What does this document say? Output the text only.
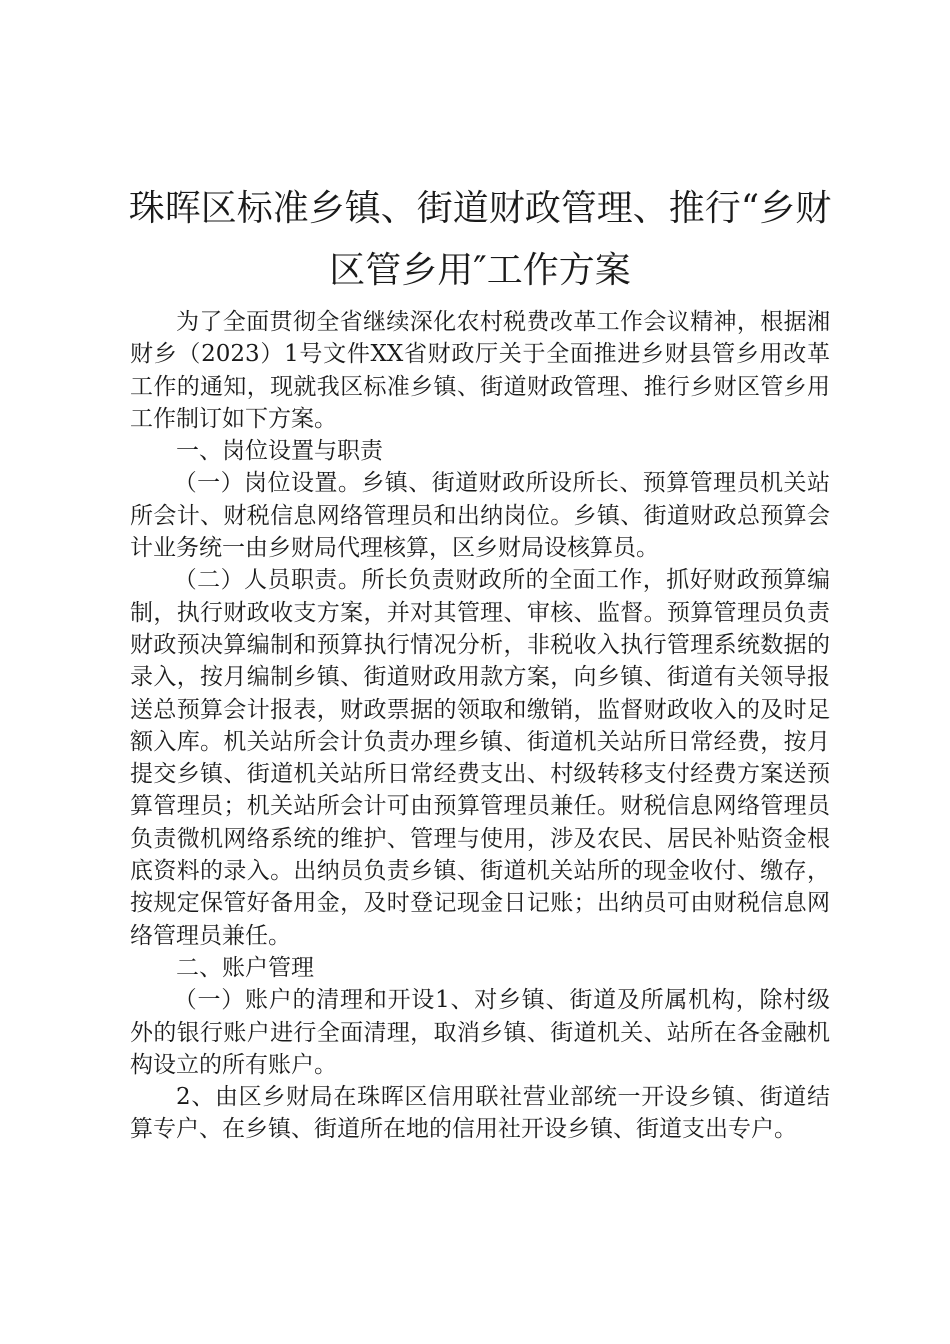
珠晖区标准乡镇、街道财政管理、推行“乡财
区管乡用″工作方案

为了全面贯彻全省继续深化农村税费改革工作会议精神，根据湘财乡（2023）1号文件XX省财政厅关于全面推进乡财县管乡用改革工作的通知，现就我区标准乡镇、街道财政管理、推行乡财区管乡用工作制订如下方案。

一、岗位设置与职责

（一）岗位设置。乡镇、街道财政所设所长、预算管理员机关站所会计、财税信息网络管理员和出纳岗位。乡镇、街道财政总预算会计业务统一由乡财局代理核算，区乡财局设核算员。

（二）人员职责。所长负责财政所的全面工作，抓好财政预算编制，执行财政收支方案，并对其管理、审核、监督。预算管理员负责财政预决算编制和预算执行情况分析，非税收入执行管理系统数据的录入，按月编制乡镇、街道财政用款方案，向乡镇、街道有关领导报送总预算会计报表，财政票据的领取和缴销，监督财政收入的及时足额入库。机关站所会计负责办理乡镇、街道机关站所日常经费，按月提交乡镇、街道机关站所日常经费支出、村级转移支付经费方案送预算管理员；机关站所会计可由预算管理员兼任。财税信息网络管理员负责微机网络系统的维护、管理与使用，涉及农民、居民补贴资金根底资料的录入。出纳员负责乡镇、街道机关站所的现金收付、缴存，按规定保管好备用金，及时登记现金日记账；出纳员可由财税信息网络管理员兼任。

二、账户管理

（一）账户的清理和开设1、对乡镇、街道及所属机构，除村级外的银行账户进行全面清理，取消乡镇、街道机关、站所在各金融机构设立的所有账户。

2、由区乡财局在珠晖区信用联社营业部统一开设乡镇、街道结算专户、在乡镇、街道所在地的信用社开设乡镇、街道支出专户。
